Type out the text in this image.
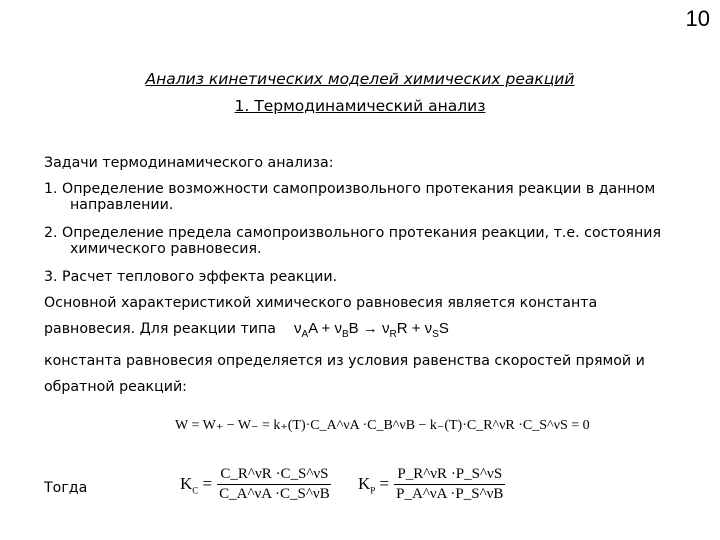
10
Анализ кинетических моделей химических реакций
1. Термодинамический анализ
Задачи термодинамического анализа:
1. Определение возможности самопроизвольного протекания реакции в данном
направлении.
2. Определение предела самопроизвольного протекания реакции, т.е. состояния
химического равновесия.
3. Расчет теплового эффекта реакции.
Основной характеристикой химического равновесия является константа
равновесия. Для реакции типа $\nu_AA + \nu_BB \to \nu_RR + \nu_SS$
константа равновесия определяется из условия равенства скоростей прямой и
обратной реакций:
W = W₊ − W₋ = k₊(T)·C_A^νA ·C_B^νB − k₋(T)·C_R^νR ·C_S^νS = 0
Тогда	$K_C = \frac{C\_R\^{}\nu R \cdot C\_S\^{}\nu S}{C\_A\^{}\nu A \cdot C\_S\^{}\nu B} K_P = \frac{P\_R\^{}\nu R \cdot P\_S\^{}\nu S}{P\_A\^{}\nu A \cdot P\_S\^{}\nu B}$
